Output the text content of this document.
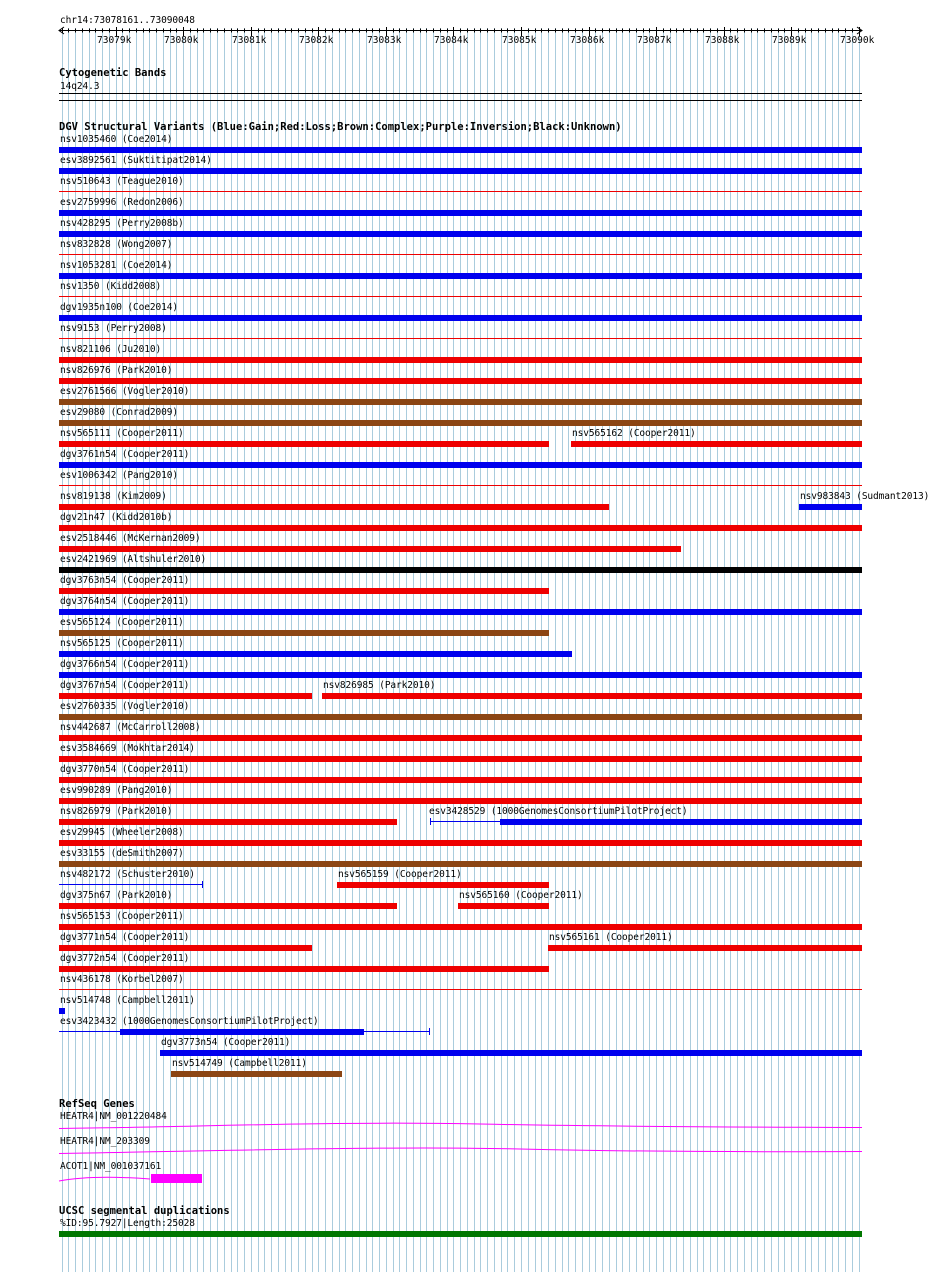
chr14:73078161..73090048
73079k	73080k	73081k	73082k	73083k	73084k	73085k	73086k	73087k	73088k	73089k	73090k
Cytogenetic Bands
14q24.3
DGV Structural Variants (Blue:Gain;Red:Loss;Brown:Complex;Purple:Inversion;Black:Unknown)
nsv1035460 (Coe2014)
esv3892561 (Suktitipat2014)
nsv510643 (Teague2010)
esv2759996 (Redon2006)
nsv428295 (Perry2008b)
nsv832828 (Wong2007)
nsv1053281 (Coe2014)
nsv1350 (Kidd2008)
dgv1935n100 (Coe2014)
nsv9153 (Perry2008)
nsv821106 (Ju2010)
nsv826976 (Park2010)
esv2761566 (Vogler2010)
esv29080 (Conrad2009)
nsv565111 (Cooper2011)	nsv565162 (Cooper2011)
dgv3761n54 (Cooper2011)
esv1006342 (Pang2010)
nsv819138 (Kim2009)	nsv983843 (Sudmant2013)
dgv21n47 (Kidd2010b)
esv2518446 (McKernan2009)
esv2421969 (Altshuler2010)
dgv3763n54 (Cooper2011)
dgv3764n54 (Cooper2011)
esv565124 (Cooper2011)
nsv565125 (Cooper2011)
dgv3766n54 (Cooper2011)
dgv3767n54 (Cooper2011)	nsv826985 (Park2010)
esv2760335 (Vogler2010)
nsv442687 (McCarroll2008)
esv3584669 (Mokhtar2014)
dgv3770n54 (Cooper2011)
esv990289 (Pang2010)
nsv826979 (Park2010)	esv3428529 (1000GenomesConsortiumPilotProject)
esv29945 (Wheeler2008)
esv33155 (deSmith2007)
nsv482172 (Schuster2010)	nsv565159 (Cooper2011)
dgv375n67 (Park2010)	nsv565160 (Cooper2011)
nsv565153 (Cooper2011)
dgv3771n54 (Cooper2011)	nsv565161 (Cooper2011)
dgv3772n54 (Cooper2011)
nsv436178 (Korbel2007)
nsv514748 (Campbell2011)
esv3423432 (1000GenomesConsortiumPilotProject)
dgv3773n54 (Cooper2011)
nsv514749 (Campbell2011)
RefSeq Genes
HEATR4|NM_001220484
HEATR4|NM_203309
ACOT1|NM_001037161
UCSC segmental duplications
%ID:95.7927|Length:25028
